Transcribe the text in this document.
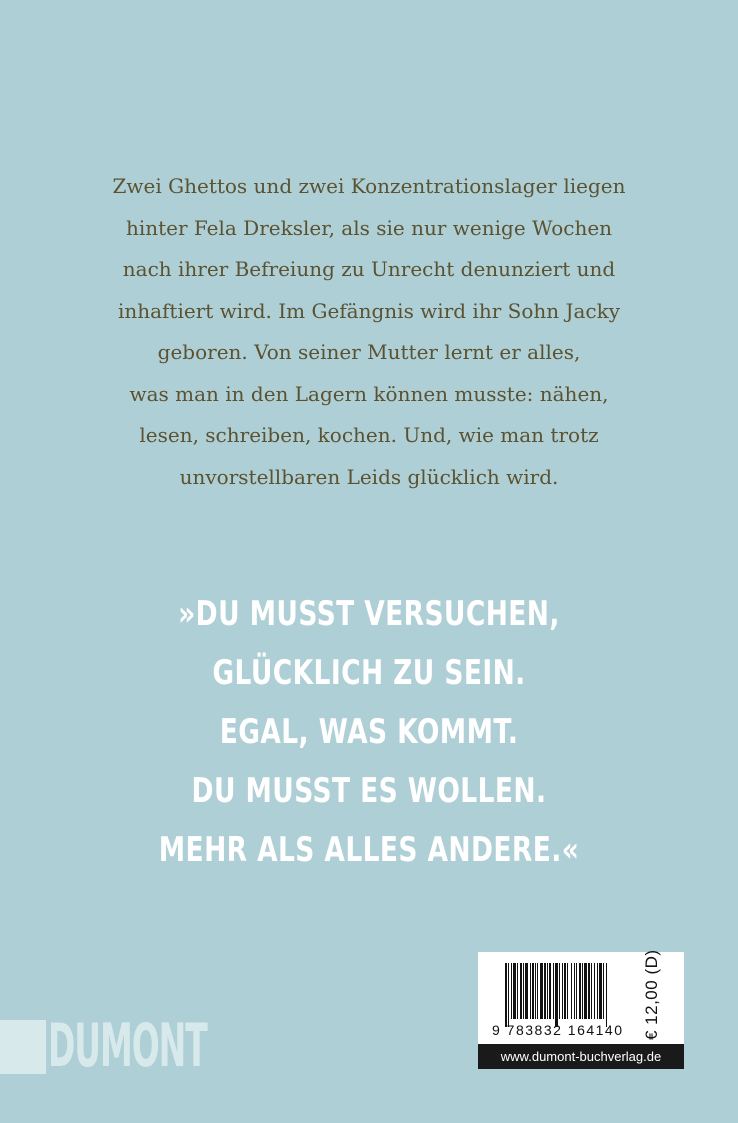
Zwei Ghettos und zwei Konzentrationslager liegen
hinter Fela Dreksler, als sie nur wenige Wochen
nach ihrer Befreiung zu Unrecht denunziert und
inhaftiert wird. Im Gefängnis wird ihr Sohn Jacky
geboren. Von seiner Mutter lernt er alles,
was man in den Lagern können musste: nähen,
lesen, schreiben, kochen. Und, wie man trotz
unvorstellbaren Leids glücklich wird.
»DU MUSST VERSUCHEN,
GLÜCKLICH ZU SEIN.
EGAL, WAS KOMMT.
DU MUSST ES WOLLEN.
MEHR ALS ALLES ANDERE.«
DUMONT	9 783832 164140 € 12,00 (D)
www.dumont-buchverlag.de
